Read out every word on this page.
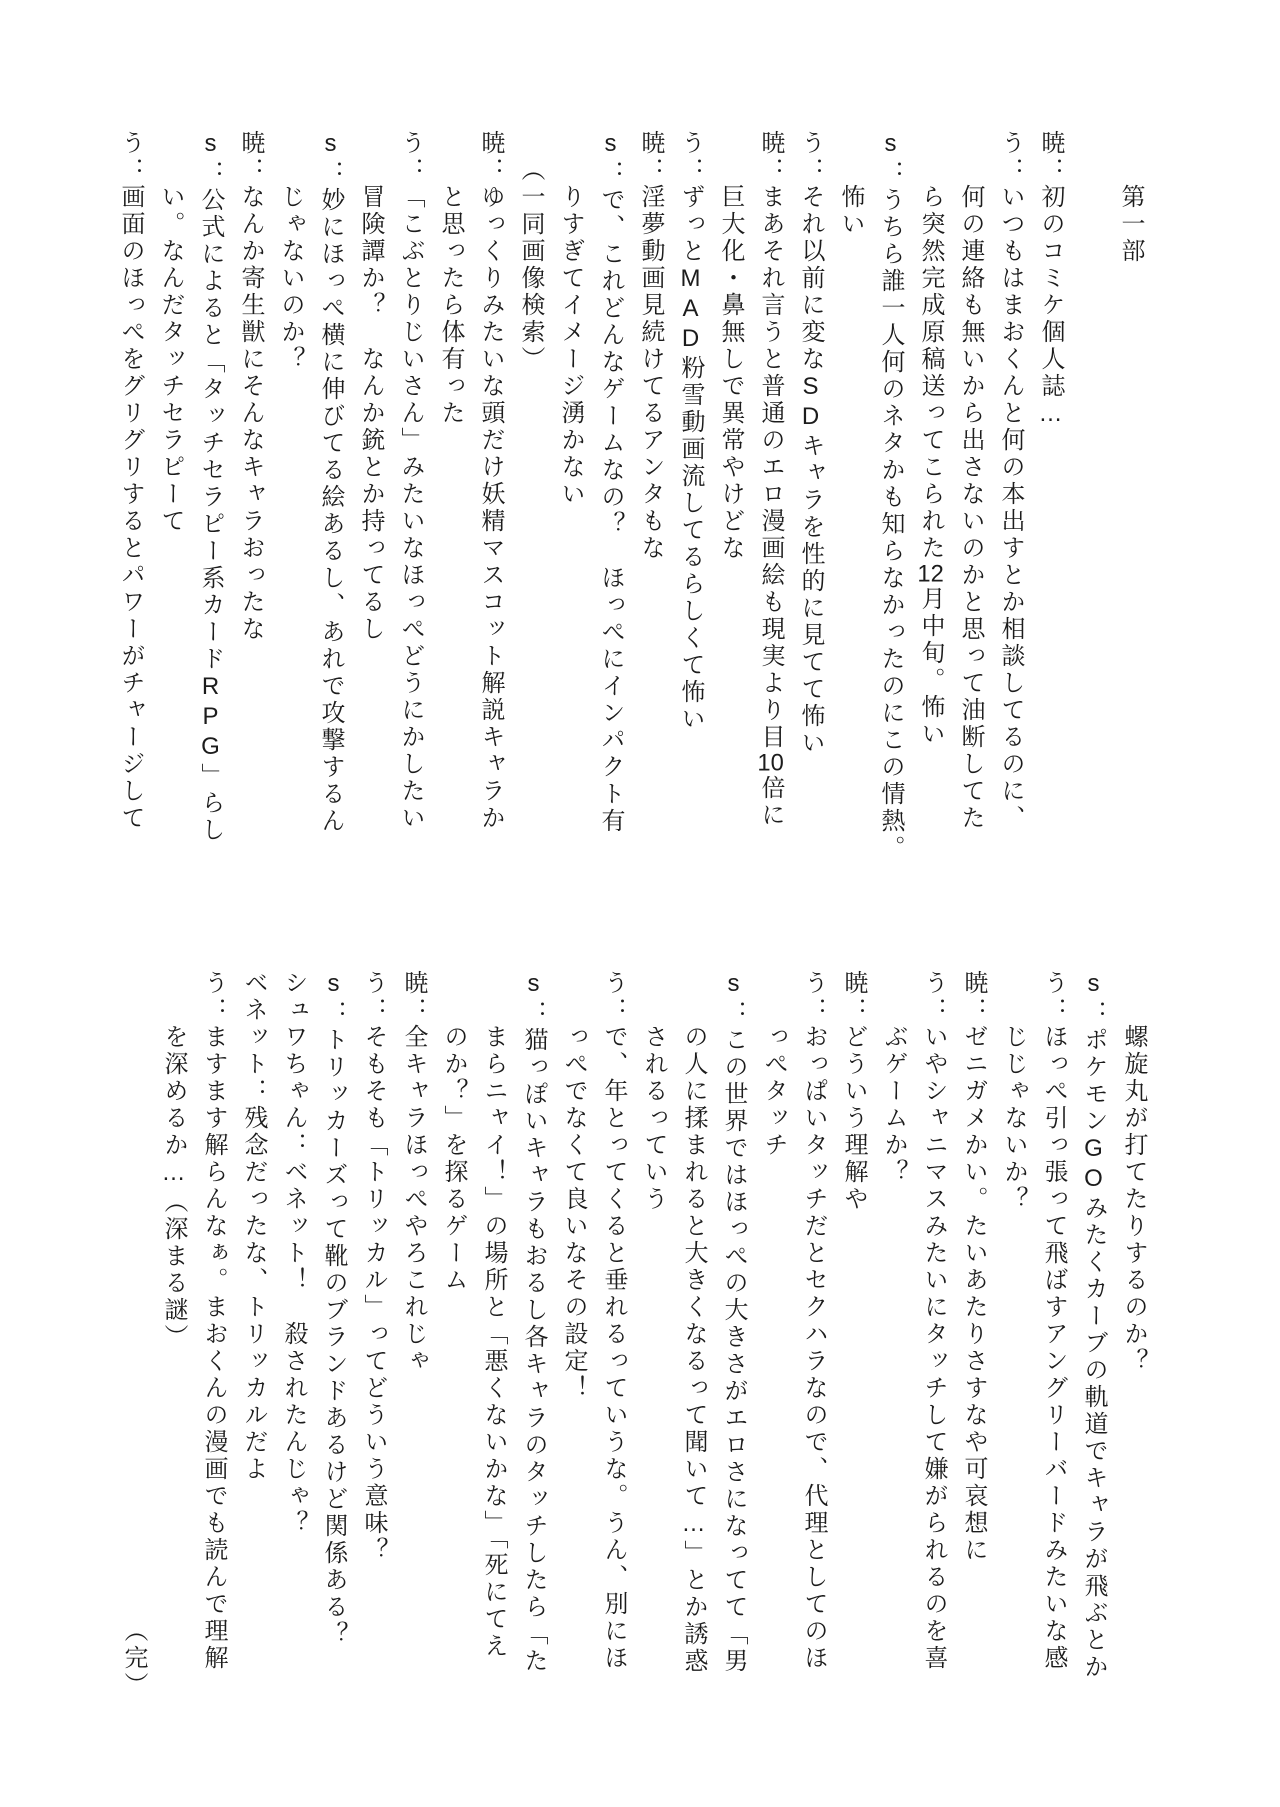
第一部
暁：初のコミケ個人誌…
う：いつもはまおくんと何の本出すとか相談してるのに、
何の連絡も無いから出さないのかと思って油断してた
ら突然完成原稿送ってこられた12月中旬。怖い
s：うちら誰一人何のネタかも知らなかったのにこの情熱。
怖い
う：それ以前に変なSDキャラを性的に見てて怖い
暁：まあそれ言うと普通のエロ漫画絵も現実より目10倍に
巨大化・鼻無しで異常やけどな
う：ずっとMAD粉雪動画流してるらしくて怖い
暁：淫夢動画見続けてるアンタもな
s：で、これどんなゲームなの？　ほっぺにインパクト有
りすぎてイメージ湧かない
（一同画像検索）
暁：ゆっくりみたいな頭だけ妖精マスコット解説キャラか
と思ったら体有った
う：「こぶとりじいさん」みたいなほっぺどうにかしたい
冒険譚か？　なんか銃とか持ってるし
s：妙にほっぺ横に伸びてる絵あるし、あれで攻撃するん
じゃないのか？
暁：なんか寄生獣にそんなキャラおったな
s：公式によると「タッチセラピー系カードRPG」らし
い。なんだタッチセラピーて
う：画面のほっぺをグリグリするとパワーがチャージして
螺旋丸が打てたりするのか？
s：ポケモンGOみたくカーブの軌道でキャラが飛ぶとか
う：ほっぺ引っ張って飛ばすアングリーバードみたいな感
じじゃないか？
暁：ゼニガメかい。たいあたりさすなや可哀想に
う：いやシャニマスみたいにタッチして嫌がられるのを喜
ぶゲームか？
暁：どういう理解や
う：おっぱいタッチだとセクハラなので、代理としてのほ
っぺタッチ
s：この世界ではほっぺの大きさがエロさになってて「男
の人に揉まれると大きくなるって聞いて…」とか誘惑
されるっていう
う：で、年とってくると垂れるっていうな。うん、別にほ
っぺでなくて良いなその設定！
s：猫っぽいキャラもおるし各キャラのタッチしたら「た
まらニャイ！」の場所と「悪くないかな」「死にてえ
のか？」を探るゲーム
暁：全キャラほっぺやろこれじゃ
う：そもそも「トリッカル」ってどういう意味？
s：トリッカーズって靴のブランドあるけど関係ある？
シュワちゃん：ベネット！　殺されたんじゃ？
ベネット：残念だったな、トリッカルだよ
う：ますます解らんなぁ。まおくんの漫画でも読んで理解
を深めるか…（深まる謎）
（完）
